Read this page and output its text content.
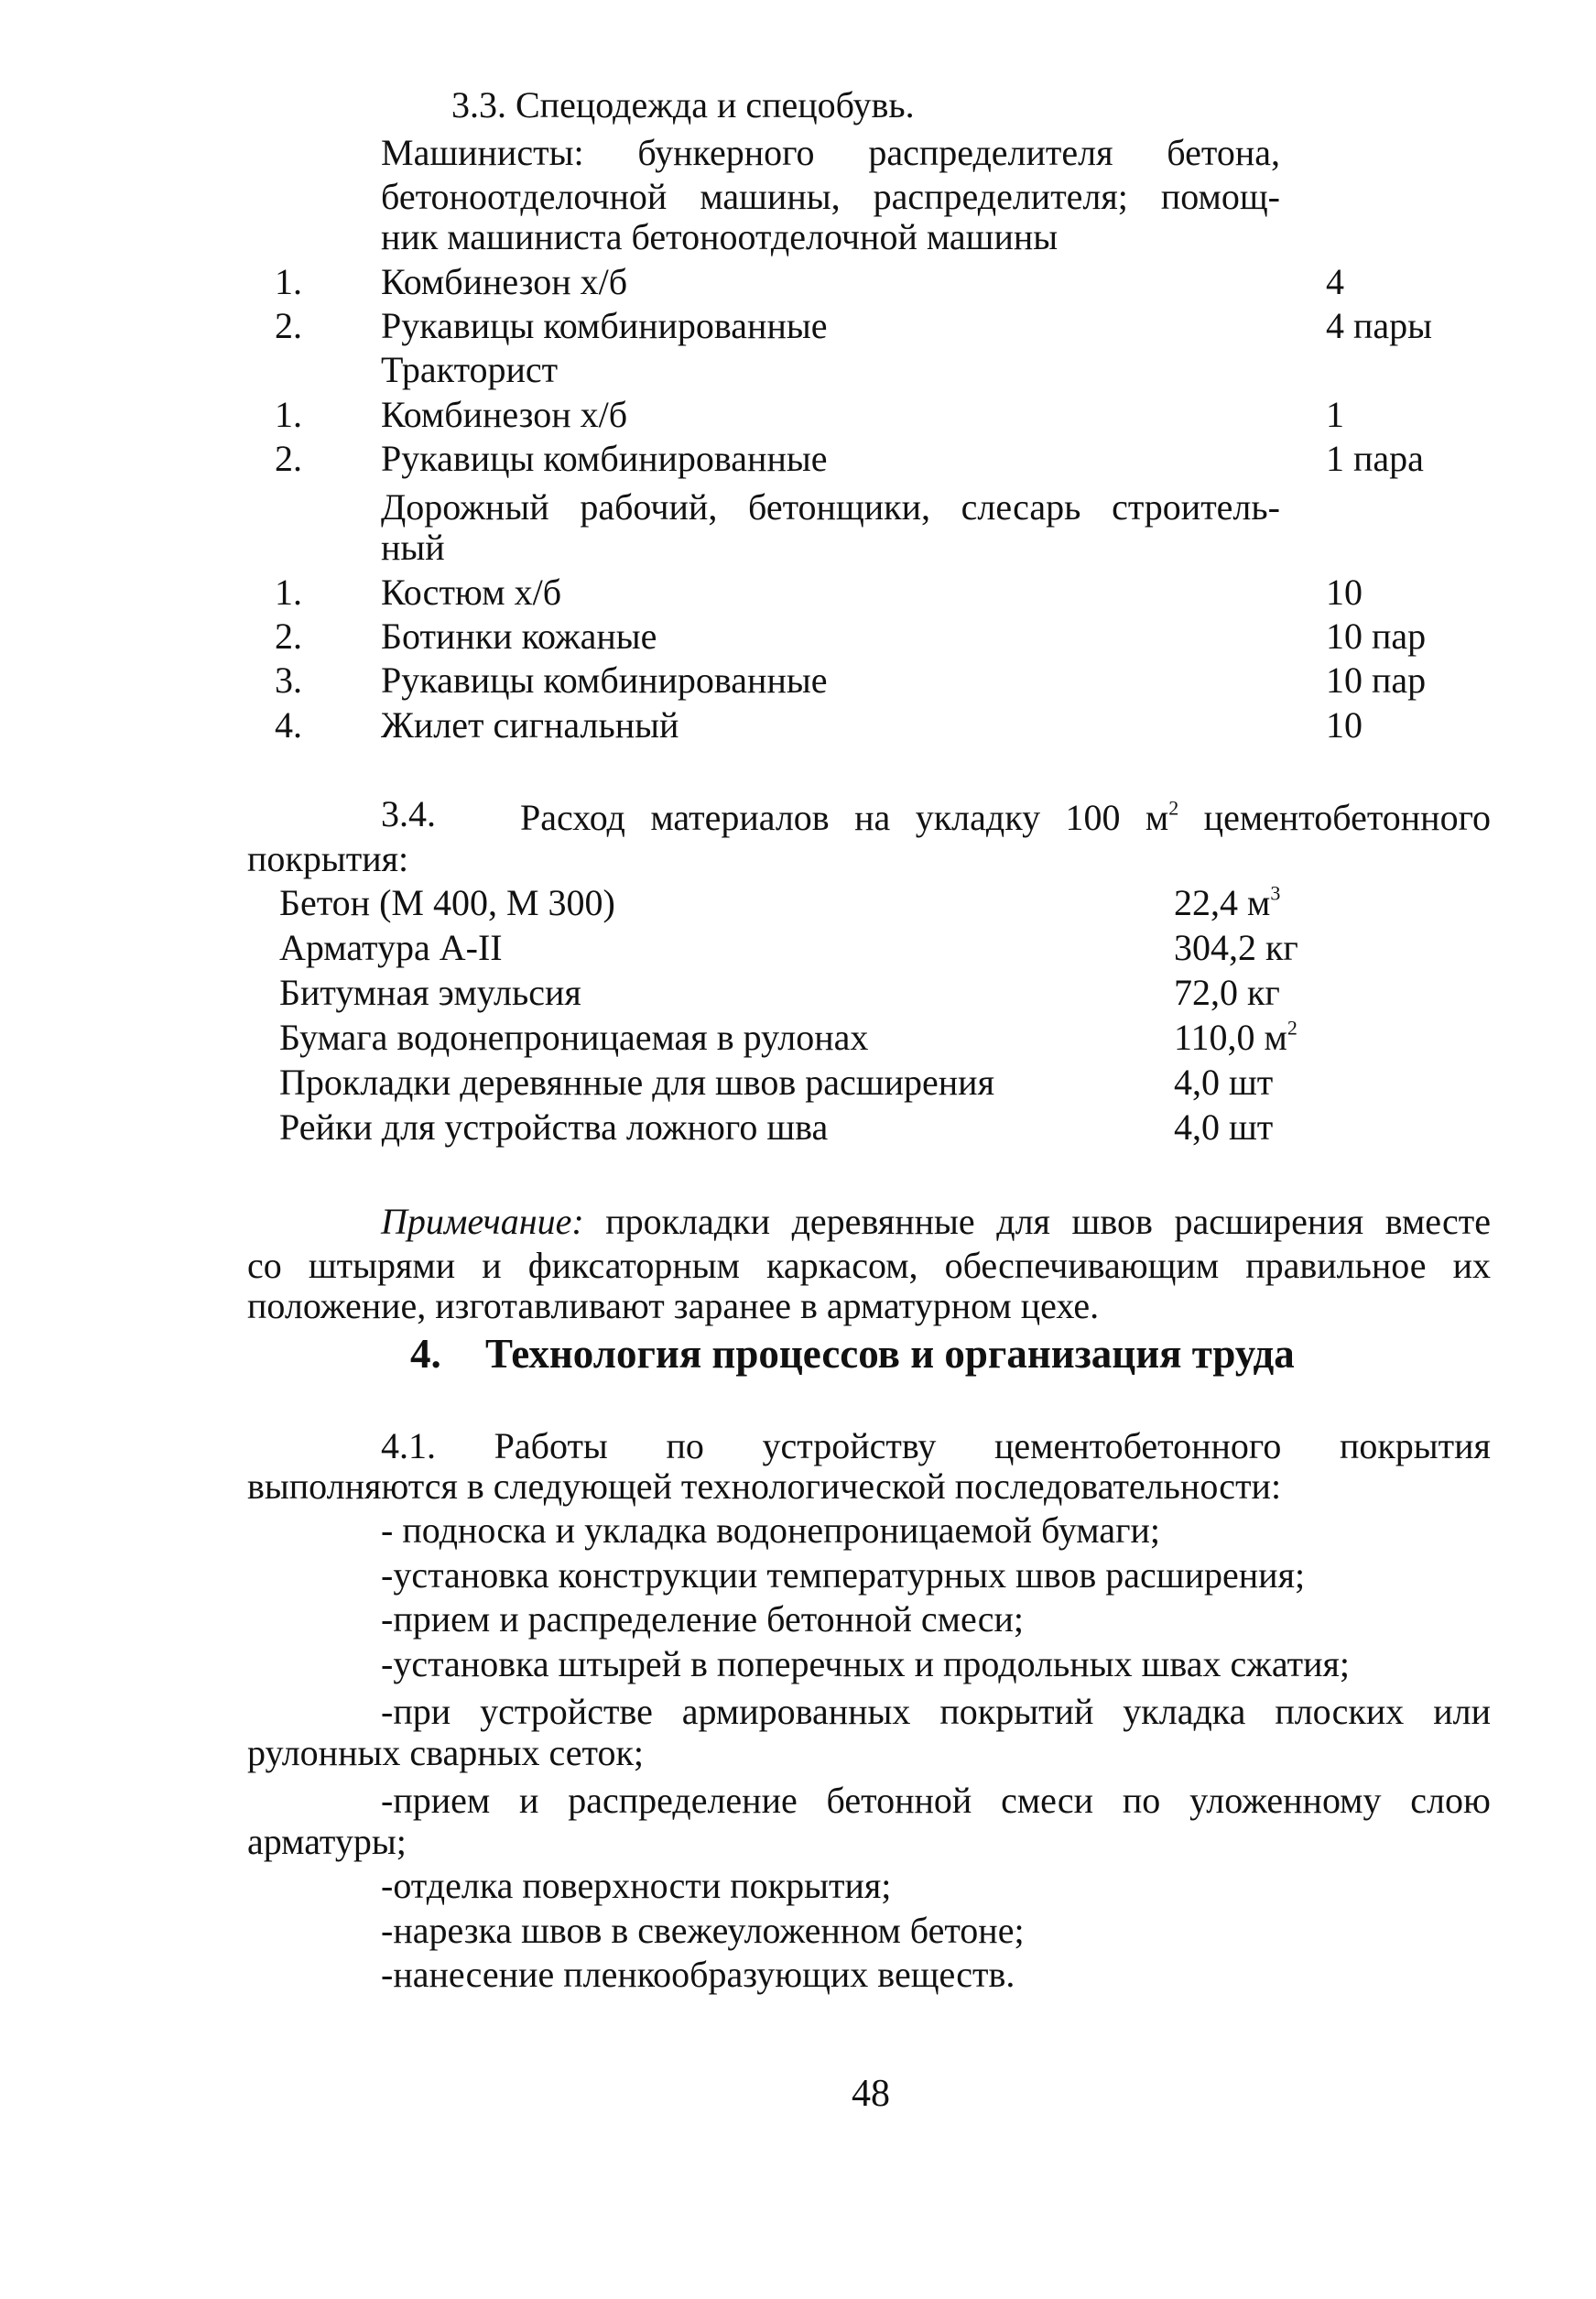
3.3. Спецодежда и спецобувь.
Машинисты: бункерного распределителя бетона,
бетоноотделочной машины, распределителя; помощ-
ник машиниста бетоноотделочной машины
1. Комбинезон х/б	4
2. Рукавицы комбинированные	4 пары
Тракторист
1. Комбинезон х/б	1
2. Рукавицы комбинированные	1 пара
Дорожный рабочий, бетонщики, слесарь строитель-
ный
1. Костюм х/б	10
2. Ботинки кожаные	10 пар
3. Рукавицы комбинированные	10 пар
4. Жилет сигнальный	10
3.4. Расход материалов на укладку 100 $м^2$ цементобетонного
покрытия:
Бетон (М 400, М 300)	22,4 $м^3$
Арматура А-II	304,2 кг
Битумная эмульсия	72,0 кг
Бумага водонепроницаемая в рулонах	110,0 $м^2$
Прокладки деревянные для швов расширения	4,0 шт
Рейки для устройства ложного шва	4,0 шт
Примечание: прокладки деревянные для швов расширения вместе
со штырями и фиксаторным каркасом, обеспечивающим правильное их
положение, изготавливают заранее в арматурном цехе.
4. Технология процессов и организация труда
4.1. Работы по устройству цементобетонного покрытия
выполняются в следующей технологической последовательности:
- подноска и укладка водонепроницаемой бумаги;
-установка конструкции температурных швов расширения;
-прием и распределение бетонной смеси;
-установка штырей в поперечных и продольных швах сжатия;
-при устройстве армированных покрытий укладка плоских или
рулонных сварных сеток;
-прием и распределение бетонной смеси по уложенному слою
арматуры;
-отделка поверхности покрытия;
-нарезка швов в свежеуложенном бетоне;
-нанесение пленкообразующих веществ.
48
